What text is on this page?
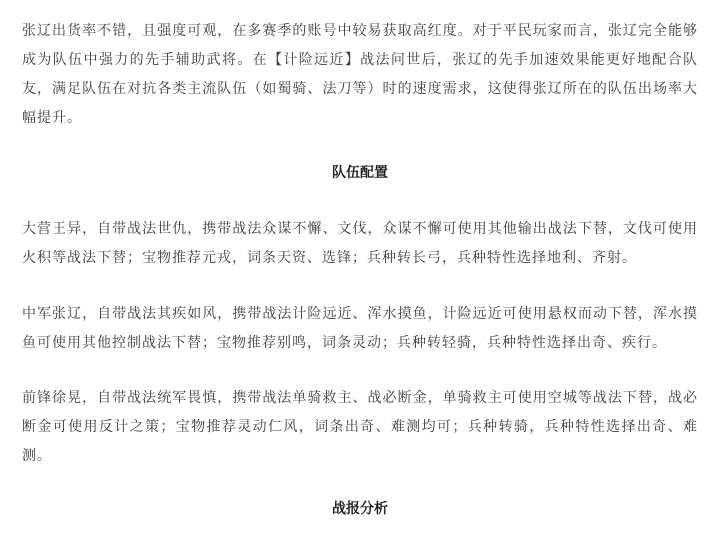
张辽出货率不错，且强度可观，在多赛季的账号中较易获取高红度。对于平民玩家而言，张辽完全能够成为队伍中强力的先手辅助武将。在【计险远近】战法问世后，张辽的先手加速效果能更好地配合队友，满足队伍在对抗各类主流队伍（如蜀骑、法刀等）时的速度需求，这使得张辽所在的队伍出场率大幅提升。

队伍配置

大营王异，自带战法世仇，携带战法众谋不懈、文伐，众谋不懈可使用其他输出战法下替，文伐可使用火积等战法下替；宝物推荐元戎，词条天资、选锋；兵种转长弓，兵种特性选择地利、齐射。

中军张辽，自带战法其疾如风，携带战法计险远近、浑水摸鱼，计险远近可使用悬权而动下替，浑水摸鱼可使用其他控制战法下替；宝物推荐别鸣，词条灵动；兵种转轻骑，兵种特性选择出奇、疾行。

前锋徐晃，自带战法统军畏慎，携带战法单骑救主、战必断金，单骑救主可使用空城等战法下替，战必断金可使用反计之策；宝物推荐灵动仁风，词条出奇、难测均可；兵种转骑，兵种特性选择出奇、难测。

战报分析
